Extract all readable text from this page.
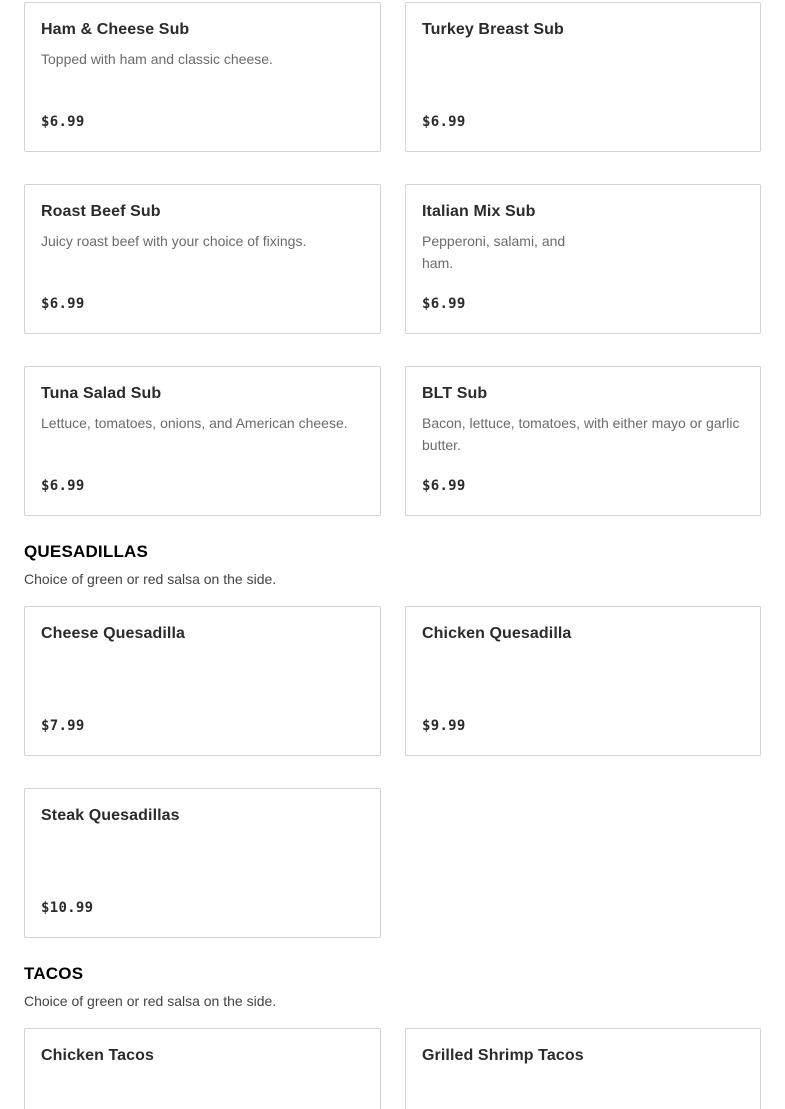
Ham & Cheese Sub
Topped with ham and classic cheese.
$6.99
Turkey Breast Sub
$6.99
Roast Beef Sub
Juicy roast beef with your choice of fixings.
$6.99
Italian Mix Sub
Pepperoni, salami, and ham.
$6.99
Tuna Salad Sub
Lettuce, tomatoes, onions, and American cheese.
$6.99
BLT Sub
Bacon, lettuce, tomatoes, with either mayo or garlic butter.
$6.99
QUESADILLAS
Choice of green or red salsa on the side.
Cheese Quesadilla
$7.99
Chicken Quesadilla
$9.99
Steak Quesadillas
$10.99
TACOS
Choice of green or red salsa on the side.
Chicken Tacos	Grilled Shrimp Tacos
